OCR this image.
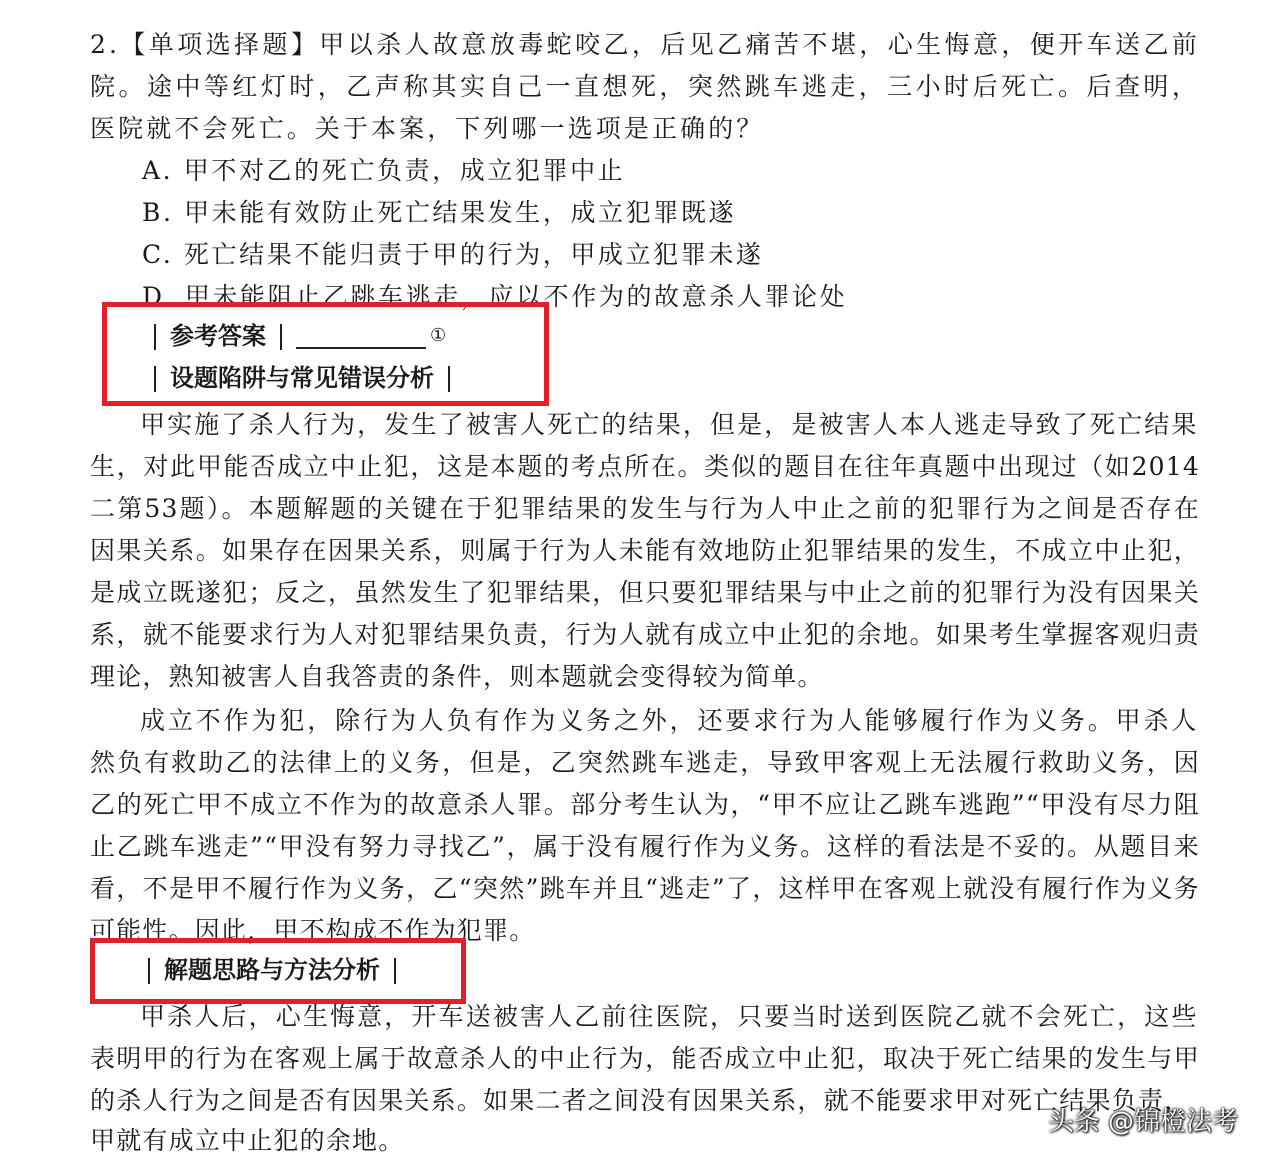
2.【单项选择题】甲以杀人故意放毒蛇咬乙，后见乙痛苦不堪，心生悔意，便开车送乙前
院。途中等红灯时，乙声称其实自己一直想死，突然跳车逃走，三小时后死亡。后查明，
医院就不会死亡。关于本案，下列哪一选项是正确的？
A. 甲不对乙的死亡负责，成立犯罪中止
B. 甲未能有效防止死亡结果发生，成立犯罪既遂
C. 死亡结果不能归责于甲的行为，甲成立犯罪未遂
D. 甲未能阻止乙跳车逃走，应以不作为的故意杀人罪论处
参考答案	①
设题陷阱与常见错误分析
甲实施了杀人行为，发生了被害人死亡的结果，但是，是被害人本人逃走导致了死亡结果
生，对此甲能否成立中止犯，这是本题的考点所在。类似的题目在往年真题中出现过（如2014
二第53题）。本题解题的关键在于犯罪结果的发生与行为人中止之前的犯罪行为之间是否存在
因果关系。如果存在因果关系，则属于行为人未能有效地防止犯罪结果的发生，不成立中止犯，
是成立既遂犯；反之，虽然发生了犯罪结果，但只要犯罪结果与中止之前的犯罪行为没有因果关
系，就不能要求行为人对犯罪结果负责，行为人就有成立中止犯的余地。如果考生掌握客观归责
理论，熟知被害人自我答责的条件，则本题就会变得较为简单。
成立不作为犯，除行为人负有作为义务之外，还要求行为人能够履行作为义务。甲杀人
然负有救助乙的法律上的义务，但是，乙突然跳车逃走，导致甲客观上无法履行救助义务，因
乙的死亡甲不成立不作为的故意杀人罪。部分考生认为，“甲不应让乙跳车逃跑”“甲没有尽力阻
止乙跳车逃走”“甲没有努力寻找乙”，属于没有履行作为义务。这样的看法是不妥的。从题目来
看，不是甲不履行作为义务，乙“突然”跳车并且“逃走”了，这样甲在客观上就没有履行作为义务
可能性。因此，甲不构成不作为犯罪。
解题思路与方法分析
甲杀人后，心生悔意，开车送被害人乙前往医院，只要当时送到医院乙就不会死亡，这些
表明甲的行为在客观上属于故意杀人的中止行为，能否成立中止犯，取决于死亡结果的发生与甲
的杀人行为之间是否有因果关系。如果二者之间没有因果关系，就不能要求甲对死亡结果负责，
甲就有成立中止犯的余地。
头条 @锦橙法考
